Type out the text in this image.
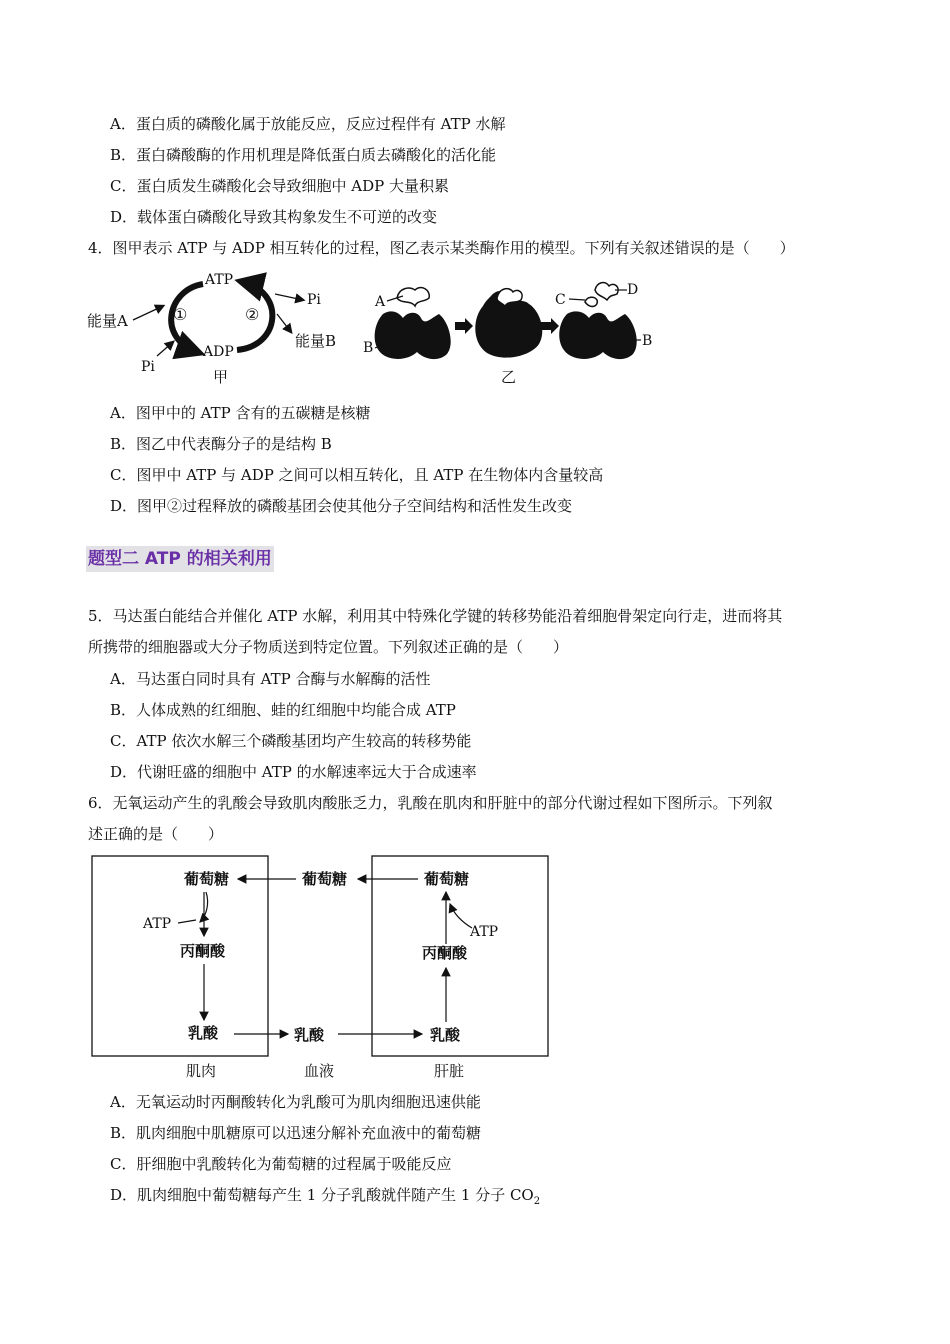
A．蛋白质的磷酸化属于放能反应，反应过程伴有 ATP 水解
B．蛋白磷酸酶的作用机理是降低蛋白质去磷酸化的活化能
C．蛋白质发生磷酸化会导致细胞中 ADP 大量积累
D．载体蛋白磷酸化导致其构象发生不可逆的改变
4．图甲表示 ATP 与 ADP 相互转化的过程，图乙表示某类酶作用的模型。下列有关叙述错误的是（　　）
ATP
ADP
①	②
Pi
能量B
能量A
Pi
甲
A
B
C
D
B
乙
A．图甲中的 ATP 含有的五碳糖是核糖
B．图乙中代表酶分子的是结构 B
C．图甲中 ATP 与 ADP 之间可以相互转化，且 ATP 在生物体内含量较高
D．图甲②过程释放的磷酸基团会使其他分子空间结构和活性发生改变
题型二 ATP 的相关利用
5．马达蛋白能结合并催化 ATP 水解，利用其中特殊化学键的转移势能沿着细胞骨架定向行走，进而将其
所携带的细胞器或大分子物质送到特定位置。下列叙述正确的是（　　）
A．马达蛋白同时具有 ATP 合酶与水解酶的活性
B．人体成熟的红细胞、蛙的红细胞中均能合成 ATP
C．ATP 依次水解三个磷酸基团均产生较高的转移势能
D．代谢旺盛的细胞中 ATP 的水解速率远大于合成速率
6．无氧运动产生的乳酸会导致肌肉酸胀乏力，乳酸在肌肉和肝脏中的部分代谢过程如下图所示。下列叙
述正确的是（　　）
葡萄糖
ATP
丙酮酸
乳酸
葡萄糖
乳酸
葡萄糖
ATP
丙酮酸
乳酸
肌肉	血液	肝脏
A．无氧运动时丙酮酸转化为乳酸可为肌肉细胞迅速供能
B．肌肉细胞中肌糖原可以迅速分解补充血液中的葡萄糖
C．肝细胞中乳酸转化为葡萄糖的过程属于吸能反应
D．肌肉细胞中葡萄糖每产生 1 分子乳酸就伴随产生 1 分子 $CO_2$
